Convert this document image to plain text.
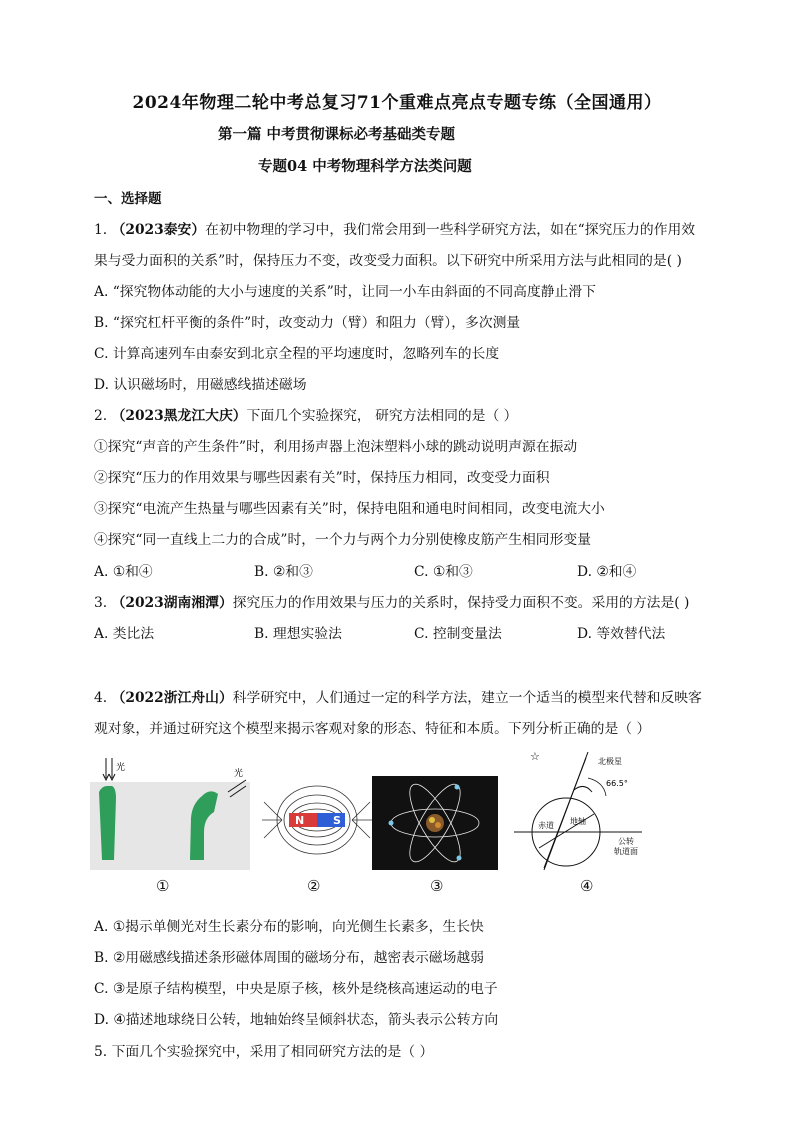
2024年物理二轮中考总复习71个重难点亮点专题专练（全国通用）
第一篇 中考贯彻课标必考基础类专题
专题04 中考物理科学方法类问题
一、选择题
1. （2023泰安）在初中物理的学习中，我们常会用到一些科学研究方法，如在“探究压力的作用效
果与受力面积的关系”时，保持压力不变，改变受力面积。以下研究中所采用方法与此相同的是( )
A. “探究物体动能的大小与速度的关系”时，让同一小车由斜面的不同高度静止滑下
B. “探究杠杆平衡的条件”时，改变动力（臂）和阻力（臂），多次测量
C. 计算高速列车由泰安到北京全程的平均速度时，忽略列车的长度
D. 认识磁场时，用磁感线描述磁场
2. （2023黑龙江大庆）下面几个实验探究， 研究方法相同的是（ ）
①探究“声音的产生条件”时，利用扬声器上泡沫塑料小球的跳动说明声源在振动
②探究“压力的作用效果与哪些因素有关”时，保持压力相同，改变受力面积
③探究“电流产生热量与哪些因素有关”时，保持电阻和通电时间相同，改变电流大小
④探究“同一直线上二力的合成”时，一个力与两个力分别使橡皮筋产生相同形变量
A. ①和④	B. ②和③	C. ①和③	D. ②和④
3. （2023湖南湘潭）探究压力的作用效果与压力的关系时，保持受力面积不变。采用的方法是( )
A. 类比法	B. 理想实验法	C. 控制变量法	D. 等效替代法
4. （2022浙江舟山）科学研究中，人们通过一定的科学方法，建立一个适当的模型来代替和反映客
观对象，并通过研究这个模型来揭示客观对象的形态、特征和本质。下列分析正确的是（ ）
光
光
N	S
☆	北极星
66.5°
赤道 地轴
公转
轨道面
①	②	③	④
A. ①揭示单侧光对生长素分布的影响，向光侧生长素多，生长快
B. ②用磁感线描述条形磁体周围的磁场分布，越密表示磁场越弱
C. ③是原子结构模型，中央是原子核，核外是绕核高速运动的电子
D. ④描述地球绕日公转，地轴始终呈倾斜状态，箭头表示公转方向
5. 下面几个实验探究中，采用了相同研究方法的是（ ）
